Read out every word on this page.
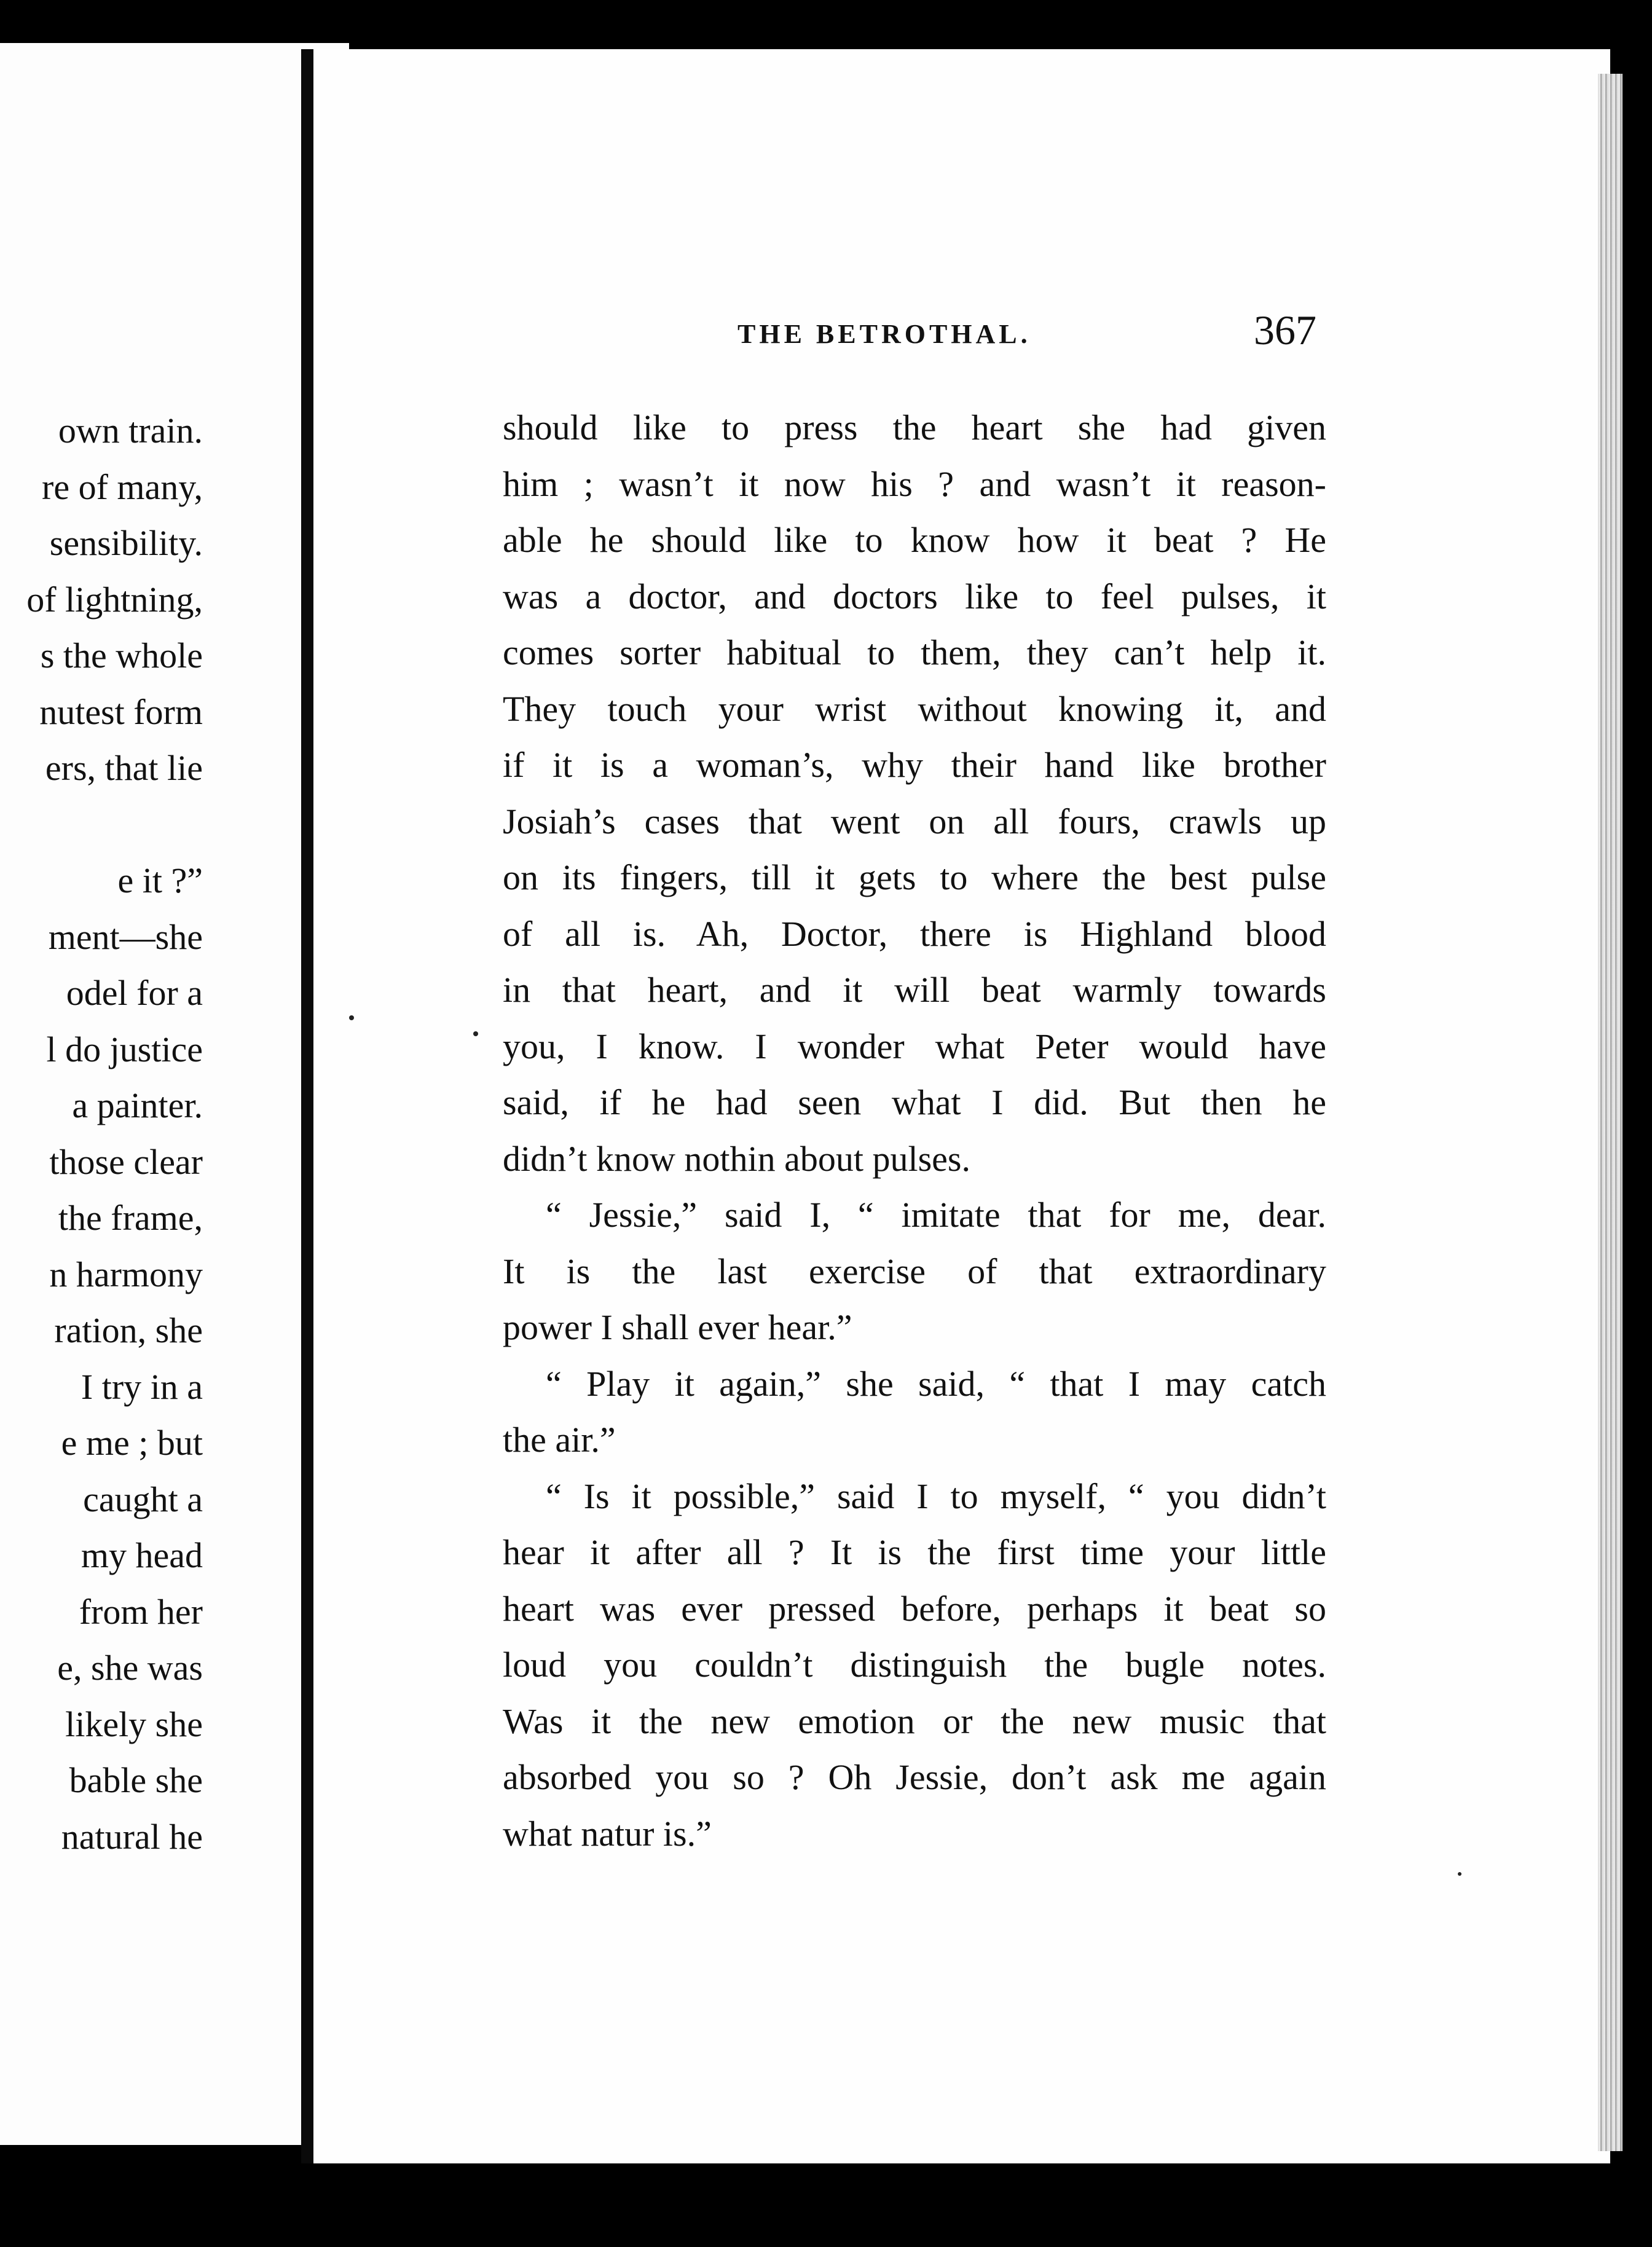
own train.
re of many,
sensibility.
of lightning,
s the whole
nutest form
ers, that lie

e it ?”
ment—she
odel for a
l do justice
a painter.
those clear
the frame,
n harmony
ration, she
I try in a
e me ; but
caught a
my head
from her
e, she was
likely she
bable she
natural he
THE BETROTHAL.	367
should like to press the heart she had given
him ; wasn’t it now his ? and wasn’t it reason-
able he should like to know how it beat ? He
was a doctor, and doctors like to feel pulses, it
comes sorter habitual to them, they can’t help it.
They touch your wrist without knowing it, and
if it is a woman’s, why their hand like brother
Josiah’s cases that went on all fours, crawls up
on its fingers, till it gets to where the best pulse
of all is. Ah, Doctor, there is Highland blood
in that heart, and it will beat warmly towards
you, I know. I wonder what Peter would have
said, if he had seen what I did. But then he
didn’t know nothin about pulses.
“ Jessie,” said I, “ imitate that for me, dear.
It is the last exercise of that extraordinary
power I shall ever hear.”
“ Play it again,” she said, “ that I may catch
the air.”
“ Is it possible,” said I to myself, “ you didn’t
hear it after all ? It is the first time your little
heart was ever pressed before, perhaps it beat so
loud you couldn’t distinguish the bugle notes.
Was it the new emotion or the new music that
absorbed you so ? Oh Jessie, don’t ask me again
what natur is.”
